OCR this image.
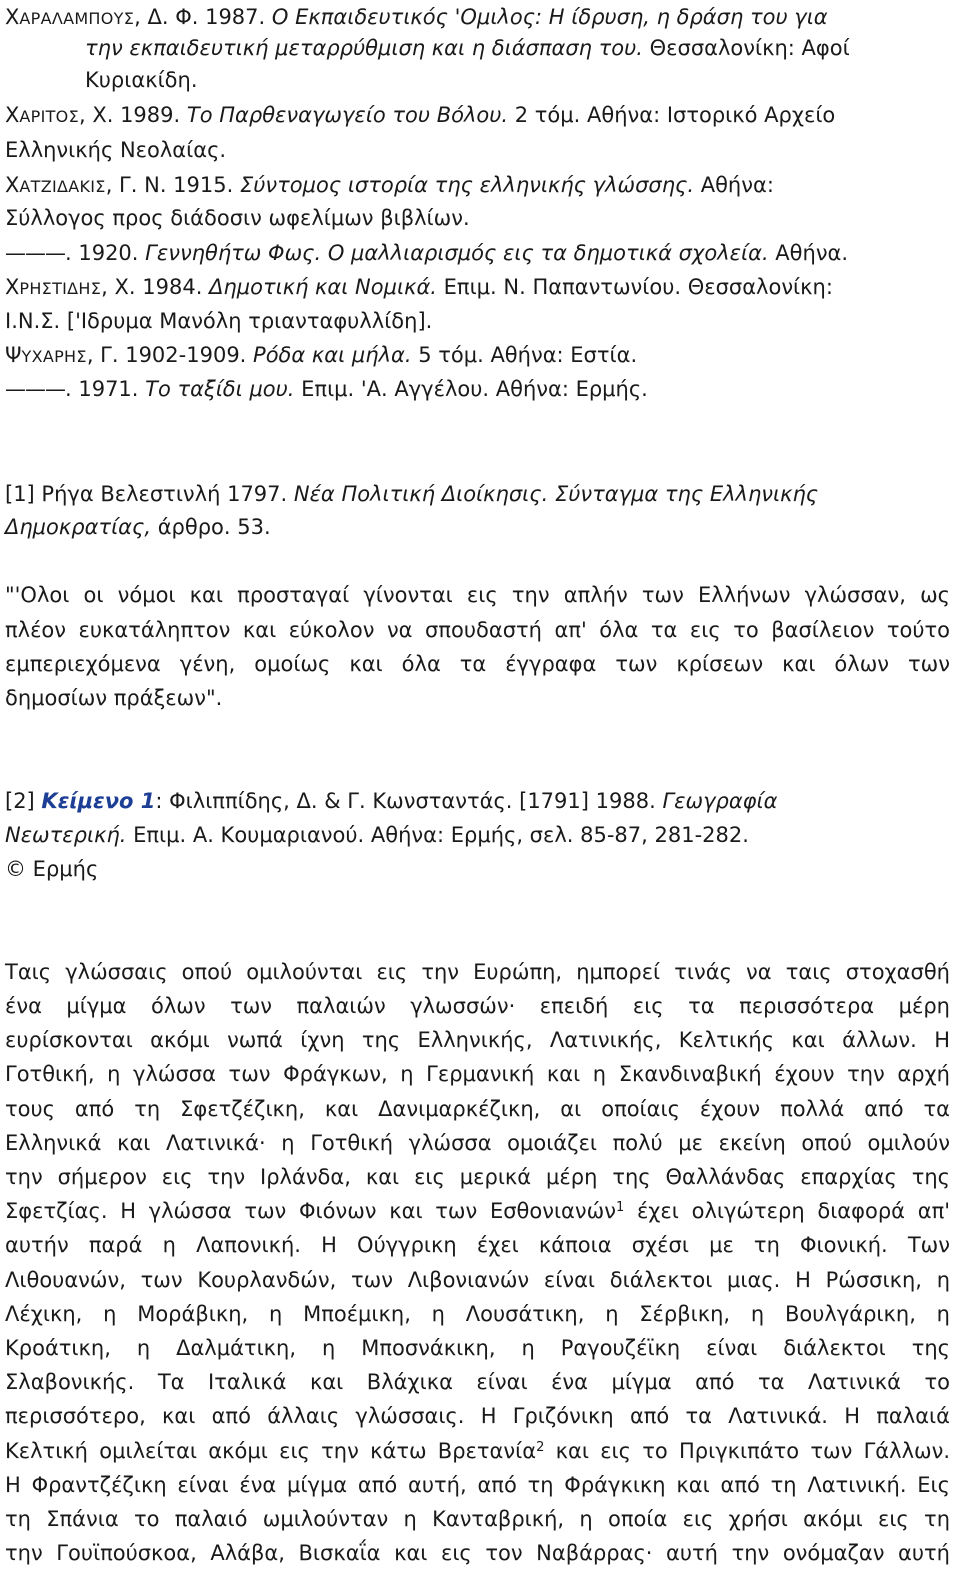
ΧΑΡΑΛΑΜΠΟΥΣ, Δ. Φ. 1987. Ο Εκπαιδευτικός 'Ομιλος: Η ίδρυση, η δράση του για
την εκπαιδευτική μεταρρύθμιση και η διάσπαση του. Θεσσαλονίκη: Αφοί
Κυριακίδη.
ΧΑΡΙΤΟΣ, Χ. 1989. Το Παρθεναγωγείο του Βόλου. 2 τόμ. Αθήνα: Ιστορικό Αρχείο
Ελληνικής Νεολαίας.
ΧΑΤΖΙΔΑΚΙΣ, Γ. Ν. 1915. Σύντομος ιστορία της ελληνικής γλώσσης. Αθήνα:
Σύλλογος προς διάδοσιν ωφελίμων βιβλίων.
———. 1920. Γεννηθήτω Φως. Ο μαλλιαρισμός εις τα δημοτικά σχολεία. Αθήνα.
ΧΡΗΣΤΙΔΗΣ, Χ. 1984. Δημοτική και Νομικά. Επιμ. Ν. Παπαντωνίου. Θεσσαλονίκη:
Ι.Ν.Σ. ['Ιδρυμα Μανόλη τριανταφυλλίδη].
ΨΥΧΑΡΗΣ, Γ. 1902-1909. Ρόδα και μήλα. 5 τόμ. Αθήνα: Εστία.
———. 1971. Το ταξίδι μου. Επιμ. 'Α. Αγγέλου. Αθήνα: Ερμής.
[1] Ρήγα Βελεστινλή 1797. Νέα Πολιτική Διοίκησις. Σύνταγμα της Ελληνικής
Δημοκρατίας, άρθρο. 53.
"'Ολοι οι νόμοι και προσταγαί γίνονται εις την απλήν των Ελλήνων γλώσσαν, ως
πλέον ευκατάληπτον και εύκολον να σπουδαστή απ' όλα τα εις το βασίλειον τούτο
εμπεριεχόμενα γένη, ομοίως και όλα τα έγγραφα των κρίσεων και όλων των
δημοσίων πράξεων".
[2] Κείμενο 1: Φιλιππίδης, Δ. & Γ. Κωνσταντάς. [1791] 1988. Γεωγραφία
Νεωτερική. Επιμ. Α. Κουμαριανού. Αθήνα: Ερμής, σελ. 85-87, 281-282.
© Ερμής
Ταις γλώσσαις οπού ομιλούνται εις την Ευρώπη, ημπορεί τινάς να ταις στοχασθή
ένα μίγμα όλων των παλαιών γλωσσών· επειδή εις τα περισσότερα μέρη
ευρίσκονται ακόμι νωπά ίχνη της Ελληνικής, Λατινικής, Κελτικής και άλλων. Η
Γοτθική, η γλώσσα των Φράγκων, η Γερμανική και η Σκανδιναβική έχουν την αρχή
τους από τη Σφετζέζικη, και Δανιμαρκέζικη, αι οποίαις έχουν πολλά από τα
Ελληνικά και Λατινικά· η Γοτθική γλώσσα ομοιάζει πολύ με εκείνη οπού ομιλούν
την σήμερον εις την Ιρλάνδα, και εις μερικά μέρη της Θαλλάνδας επαρχίας της
Σφετζίας. Η γλώσσα των Φιόνων και των Εσθονιανών$^1$ έχει ολιγώτερη διαφορά απ'
αυτήν παρά η Λαπονική. Η Ούγγρικη έχει κάποια σχέσι με τη Φιονική. Των
Λιθουανών, των Κουρλανδών, των Λιβονιανών είναι διάλεκτοι μιας. Η Ρώσσικη, η
Λέχικη, η Μοράβικη, η Μποέμικη, η Λουσάτικη, η Σέρβικη, η Βουλγάρικη, η
Κροάτικη, η Δαλμάτικη, η Μποσνάκικη, η Ραγουζέϊκη είναι διάλεκτοι της
Σλαβονικής. Τα Ιταλικά και Βλάχικα είναι ένα μίγμα από τα Λατινικά το
περισσότερο, και από άλλαις γλώσσαις. Η Γριζόνικη από τα Λατινικά. Η παλαιά
Κελτική ομιλείται ακόμι εις την κάτω Βρετανία$^2$ και εις το Πριγκιπάτο των Γάλλων.
Η Φραντζέζικη είναι ένα μίγμα από αυτή, από τη Φράγκικη και από τη Λατινική. Εις
τη Σπάνια το παλαιό ωμιλούνταν η Κανταβρική, η οποία εις χρήσι ακόμι εις τη
την Γουϊπούσκοα, Αλάβα, Βισκαΐα και εις τον Ναβάρρας· αυτή την ονόμαζαν αυτή
